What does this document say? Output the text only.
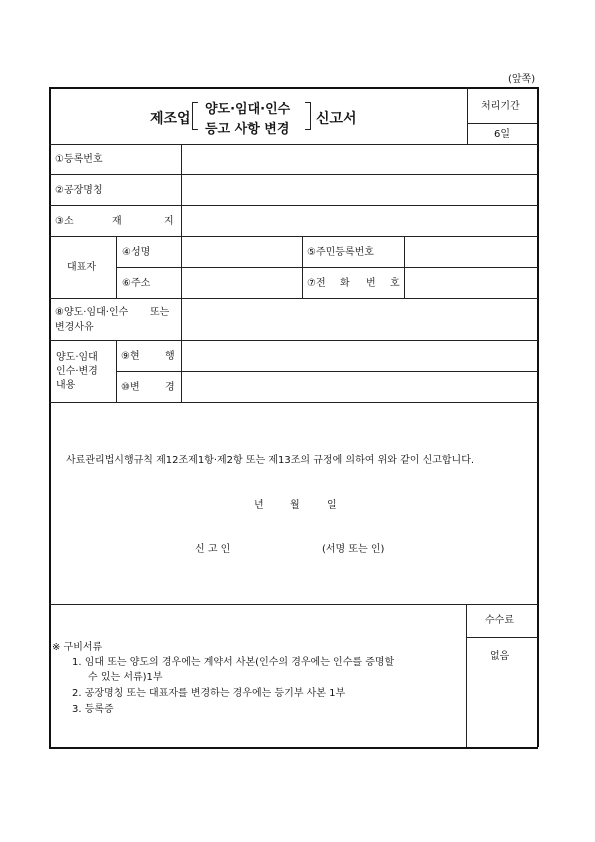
(앞쪽)
제조업
양도·임대·인수
등고 사항 변경
신고서
처리기간
6일
①등록번호
②공장명칭
③소	재	지
대표자
④성명	⑤주민등록번호
⑥주소	⑦전 화 번 호
⑧양도·임대·인수 또는
변경사유
양도·임대
인수·변경
내용
⑨현	행
⑩변	경
사료관리법시행규칙 제12조제1항·제2항 또는 제13조의 규정에 의하여 위와 같이 신고합니다.
년	월	일
신 고 인	(서명 또는 인)
※ 구비서류
1. 임대 또는 양도의 경우에는 계약서 사본(인수의 경우에는 인수를 증명할
수 있는 서류)1부
2. 공장명칭 또는 대표자를 변경하는 경우에는 등기부 사본 1부
3. 등록증
수수료
없음
